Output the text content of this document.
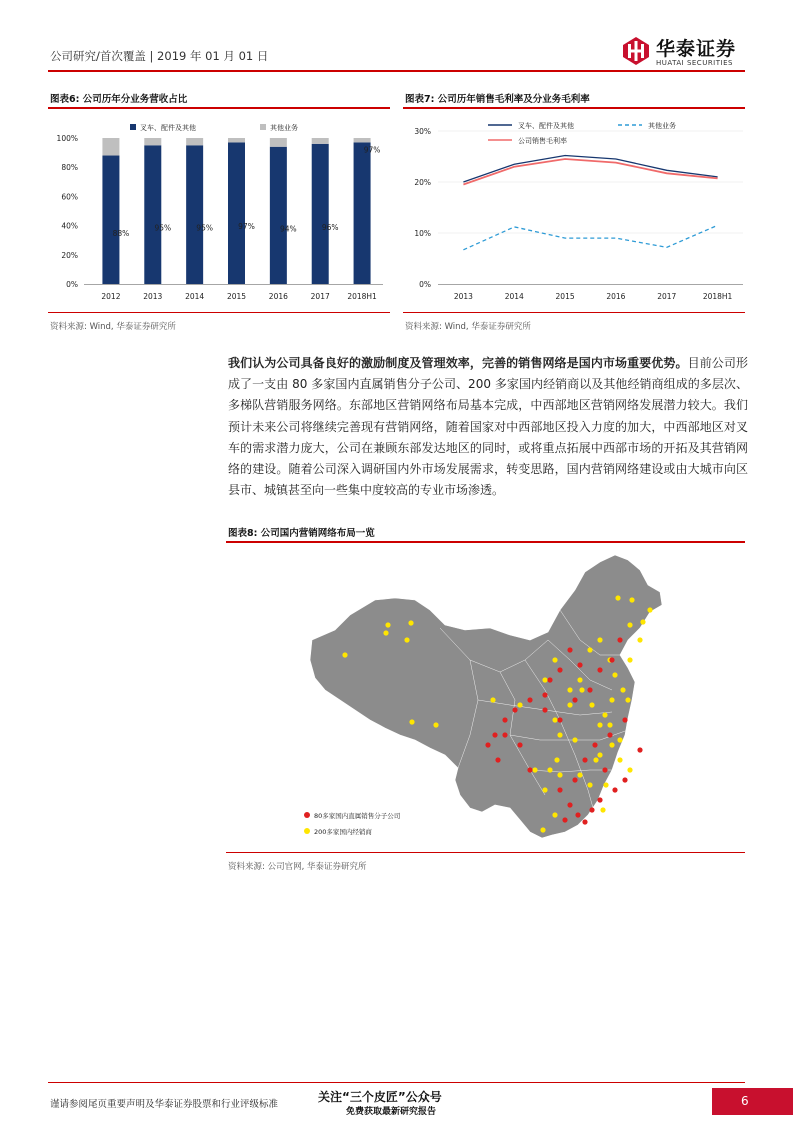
公司研究/首次覆盖 | 2019 年 01 月 01 日	华泰证券
HUATAI SECURITIES
图表6: 公司历年分业务营收占比
叉车、配件及其他	其他业务
0%
20%
40%
60%
80%
100%
2012	2013	2014	2015	2016	2017 2018H1
88%
95%	95%	97%	94%	96%
97%
资料来源: Wind, 华泰证券研究所
图表7: 公司历年销售毛利率及分业务毛利率
叉车、配件及其他	其他业务
公司销售毛利率
10%
20%
30%
0%
2013	2014	2015	2016	2017	2018H1
资料来源: Wind, 华泰证券研究所
我们认为公司具备良好的激励制度及管理效率，完善的销售网络是国内市场重要优势。目前公司形成了一支由 80 多家国内直属销售分子公司、200 多家国内经销商以及其他经销商组成的多层次、多梯队营销服务网络。东部地区营销网络布局基本完成，中西部地区营销网络发展潜力较大。我们预计未来公司将继续完善现有营销网络，随着国家对中西部地区投入力度的加大，中西部地区对叉车的需求潜力庞大，公司在兼顾东部发达地区的同时，或将重点拓展中西部市场的开拓及其营销网络的建设。随着公司深入调研国内外市场发展需求，转变思路，国内营销网络建设或由大城市向区县市、城镇甚至向一些集中度较高的专业市场渗透。
图表8: 公司国内营销网络布局一览
80多家国内直属销售分子公司
200多家国内经销商
资料来源: 公司官网, 华泰证券研究所
谨请参阅尾页重要声明及华泰证券股票和行业评级标准
关注“三个皮匠”公众号
免费获取最新研究报告
6
